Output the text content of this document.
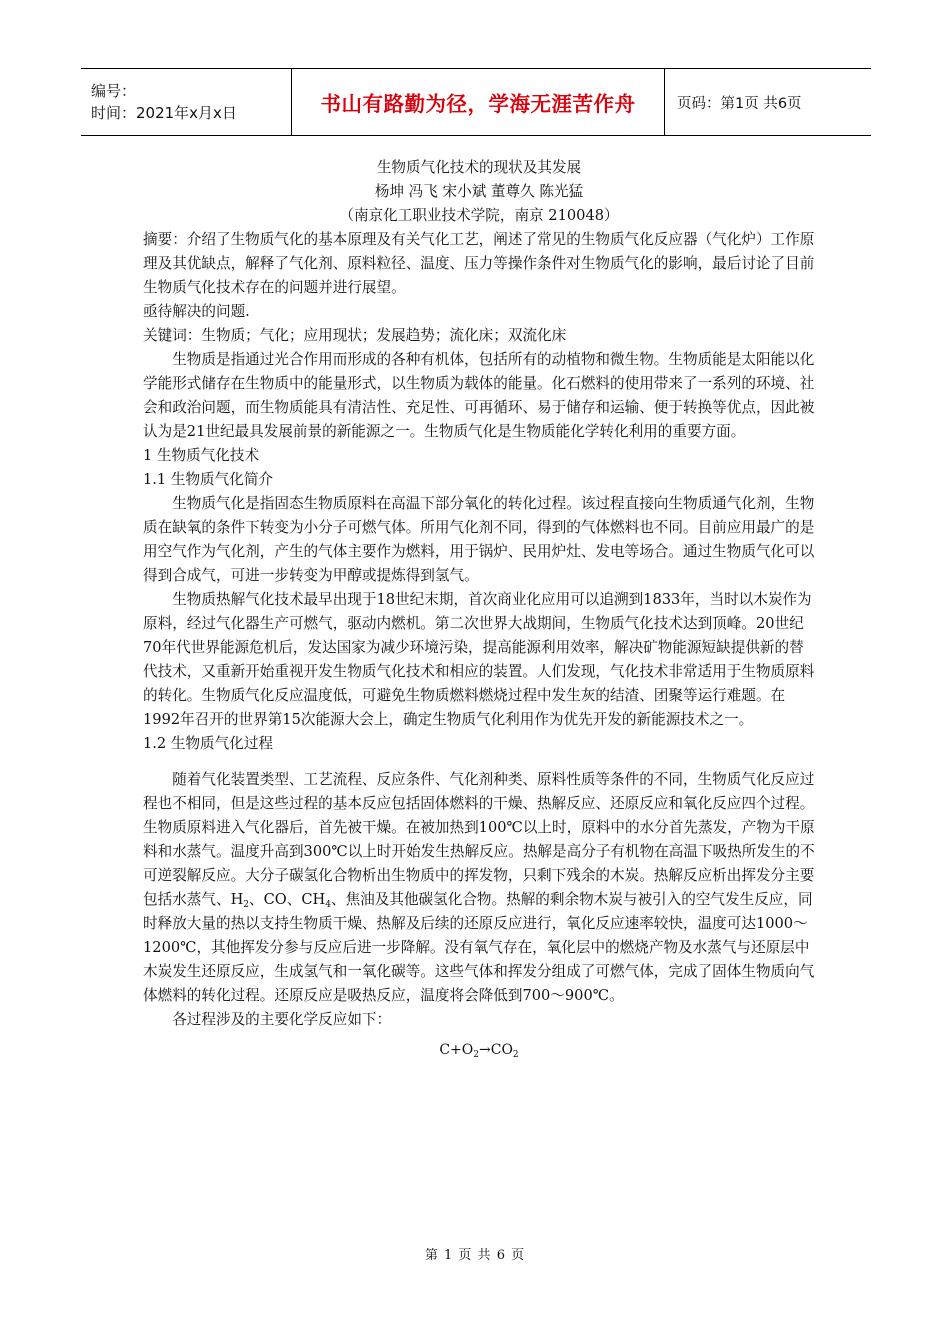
编号：
时间：2021年x月x日	书山有路勤为径，学海无涯苦作舟	页码：第1页 共6页

生物质气化技术的现状及其发展

杨坤 冯飞 宋小斌 董尊久 陈光猛

（南京化工职业技术学院，南京 210048）

摘要：介绍了生物质气化的基本原理及有关气化工艺，阐述了常见的生物质气化反应器（气化炉）工作原理及其优缺点，解释了气化剂、原料粒径、温度、压力等操作条件对生物质气化的影响，最后讨论了目前生物质气化技术存在的问题并进行展望。

亟待解决的问题.

关键词：生物质；气化；应用现状；发展趋势；流化床；双流化床

生物质是指通过光合作用而形成的各种有机体，包括所有的动植物和微生物。生物质能是太阳能以化学能形式储存在生物质中的能量形式，以生物质为载体的能量。化石燃料的使用带来了一系列的环境、社会和政治问题，而生物质能具有清洁性、充足性、可再循环、易于储存和运输、便于转换等优点，因此被认为是21世纪最具发展前景的新能源之一。生物质气化是生物质能化学转化利用的重要方面。

1 生物质气化技术

1.1 生物质气化简介

生物质气化是指固态生物质原料在高温下部分氧化的转化过程。该过程直接向生物质通气化剂，生物质在缺氧的条件下转变为小分子可燃气体。所用气化剂不同，得到的气体燃料也不同。目前应用最广的是用空气作为气化剂，产生的气体主要作为燃料，用于锅炉、民用炉灶、发电等场合。通过生物质气化可以得到合成气，可进一步转变为甲醇或提炼得到氢气。

生物质热解气化技术最早出现于18世纪末期，首次商业化应用可以追溯到1833年，当时以木炭作为原料，经过气化器生产可燃气，驱动内燃机。第二次世界大战期间，生物质气化技术达到顶峰。20世纪70年代世界能源危机后，发达国家为减少环境污染，提高能源利用效率，解决矿物能源短缺提供新的替代技术，又重新开始重视开发生物质气化技术和相应的装置。人们发现，气化技术非常适用于生物质原料的转化。生物质气化反应温度低，可避免生物质燃料燃烧过程中发生灰的结渣、团聚等运行难题。在1992年召开的世界第15次能源大会上，确定生物质气化利用作为优先开发的新能源技术之一。

1.2 生物质气化过程

随着气化装置类型、工艺流程、反应条件、气化剂种类、原料性质等条件的不同，生物质气化反应过程也不相同，但是这些过程的基本反应包括固体燃料的干燥、热解反应、还原反应和氧化反应四个过程。生物质原料进入气化器后，首先被干燥。在被加热到100℃以上时，原料中的水分首先蒸发，产物为干原料和水蒸气。温度升高到300℃以上时开始发生热解反应。热解是高分子有机物在高温下吸热所发生的不可逆裂解反应。大分子碳氢化合物析出生物质中的挥发物，只剩下残余的木炭。热解反应析出挥发分主要包括水蒸气、$H_2$、CO、$CH_4$、焦油及其他碳氢化合物。热解的剩余物木炭与被引入的空气发生反应，同时释放大量的热以支持生物质干燥、热解及后续的还原反应进行，氧化反应速率较快，温度可达1000～1200℃，其他挥发分参与反应后进一步降解。没有氧气存在，氧化层中的燃烧产物及水蒸气与还原层中木炭发生还原反应，生成氢气和一氧化碳等。这些气体和挥发分组成了可燃气体，完成了固体生物质向气体燃料的转化过程。还原反应是吸热反应，温度将会降低到700～900℃。

各过程涉及的主要化学反应如下：

$C+O_2\to CO_2$

第 1 页 共 6 页
